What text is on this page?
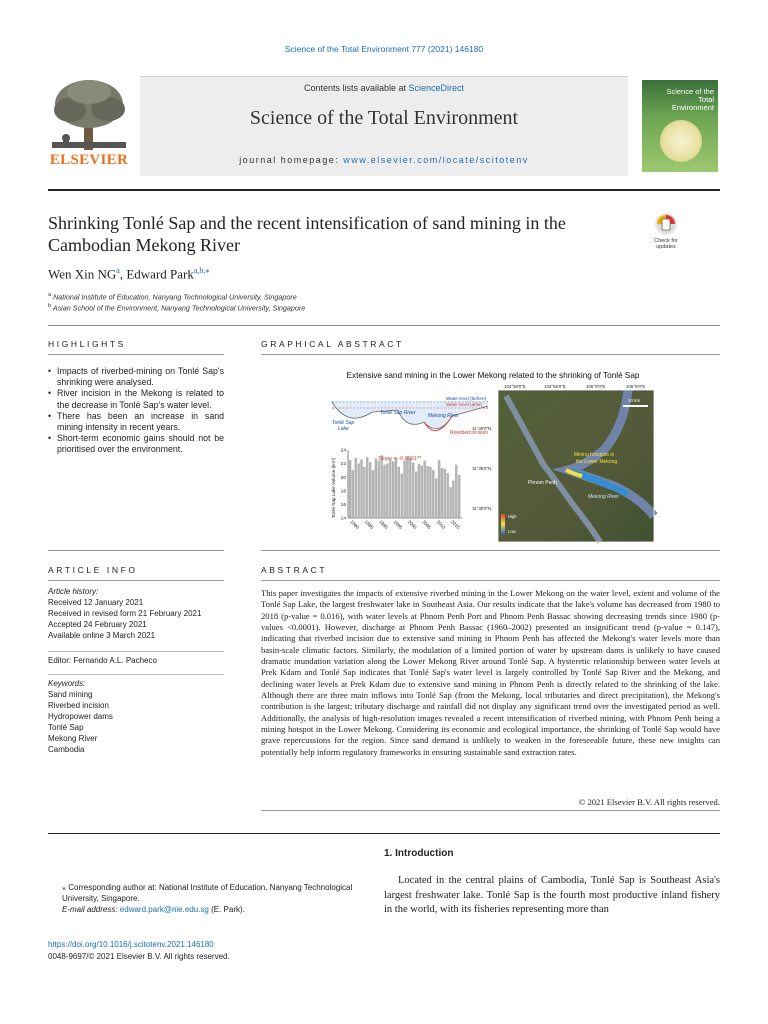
Science of the Total Environment 777 (2021) 146180
ELSEVIER
Contents lists available at ScienceDirect
Science of the Total Environment
journal homepage: www.elsevier.com/locate/scitotenv
Science of the Total Environment
Shrinking Tonlé Sap and the recent intensification of sand mining in the Cambodian Mekong River	Check for updates
Wen Xin $NG^a$, Edward Park$^{a,b,⁎}$
$^a$ National Institute of Education, Nanyang Technological University, Singapore
$^b$ Asian School of the Environment, Nanyang Technological University, Singapore
HIGHLIGHTS	GRAPHICAL ABSTRACT
• Impacts of riverbed-mining on Tonlé Sap's shrinking were analysed.
• River incision in the Mekong is related to the decrease in Tonlé Sap's water level.
• There has been an increase in sand mining intensity in recent years.
• Short-term economic gains should not be prioritised over the environment.
Extensive sand mining in the Lower Mekong related to the shrinking of Tonlé Sap
Tonlé Sap River
Tonlé Sap
Lake
Mekong River
Riverbed incision
Water level (before)
Water level (after)
14
16
18
20
22
24
1980 1985 1990 1995 2000 2005 2010 2015
Slope = -0.0001**
Tonlé Sap Lake Volume (km³)
10 km
Mining hotspots in
the Lower Mekong
Phnom Penh
Mekong River
High
Low
104°50'0"E	104°55'0"E	105°0'0"E	105°5'0"E
11°40'0"N
11°35'0"N
11°30'0"N
ARTICLE INFO	ABSTRACT
Article history:
Received 12 January 2021
Received in revised form 21 February 2021
Accepted 24 February 2021
Available online 3 March 2021
Editor: Fernando A.L. Pacheco
Keywords:
Sand mining
Riverbed incision
Hydropower dams
Tonlé Sap
Mekong River
Cambodia

This paper investigates the impacts of extensive riverbed mining in the Lower Mekong on the water level, extent and volume of the Tonlé Sap Lake, the largest freshwater lake in Southeast Asia. Our results indicate that the lake's volume has decreased from 1980 to 2018 (p-value = 0.016), with water levels at Phnom Penh Port and Phnom Penh Bassac showing decreasing trends since 1980 (p-values <0.0001). However, discharge at Phnom Penh Bassac (1960–2002) presented an insignificant trend (p-value = 0.147), indicating that riverbed incision due to extensive sand mining in Phnom Penh has affected the Mekong's water levels more than basin-scale climatic factors. Similarly, the modulation of a limited portion of water by upstream dams is unlikely to have caused dramatic inundation variation along the Lower Mekong River around Tonlé Sap. A hysteretic relationship between water levels at Prek Kdam and Tonlé Sap indicates that Tonlé Sap's water level is largely controlled by Tonlé Sap River and the Mekong, and declining water levels at Prek Kdam due to extensive sand mining in Phnom Penh is directly related to the shrinking of the lake. Although there are three main inflows into Tonlé Sap (from the Mekong, local tributaries and direct precipitation), the Mekong's contribution is the largest; tributary discharge and rainfall did not display any significant trend over the investigated period as well. Additionally, the analysis of high-resolution images revealed a recent intensification of riverbed mining, with Phnom Penh being a mining hotspot in the Lower Mekong. Considering its economic and ecological importance, the shrinking of Tonlé Sap would have grave repercussions for the region. Since sand demand is unlikely to weaken in the foreseeable future, these new insights can potentially help inform regulatory frameworks in ensuring sustainable sand extraction rates.

© 2021 Elsevier B.V. All rights reserved.
1. Introduction

Located in the central plains of Cambodia, Tonlé Sap is Southeast Asia's largest freshwater lake. Tonlé Sap is the fourth most productive inland fishery in the world, with its fisheries representing more than

⁎ Corresponding author at: National Institute of Education, Nanyang Technological University, Singapore.
E-mail address: edward.park@nie.edu.sg (E. Park).
https://doi.org/10.1016/j.scitotenv.2021.146180
0048-9697/© 2021 Elsevier B.V. All rights reserved.
